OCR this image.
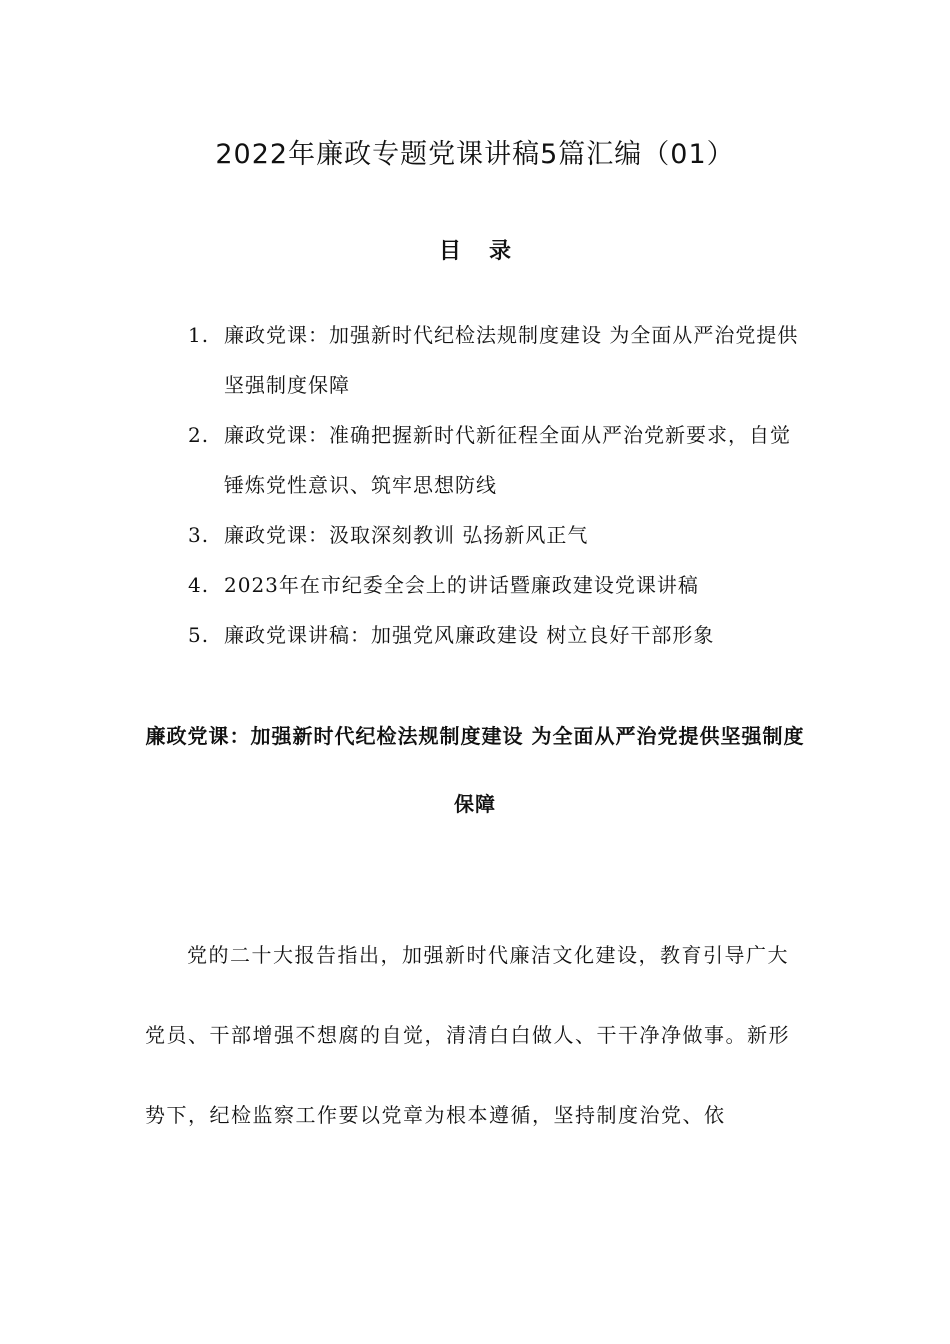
2022年廉政专题党课讲稿5篇汇编（01）
目录
1. 廉政党课：加强新时代纪检法规制度建设 为全面从严治党提供坚强制度保障
2. 廉政党课：准确把握新时代新征程全面从严治党新要求，自觉锤炼党性意识、筑牢思想防线
3. 廉政党课：汲取深刻教训 弘扬新风正气
4. 2023年在市纪委全会上的讲话暨廉政建设党课讲稿
5. 廉政党课讲稿：加强党风廉政建设 树立良好干部形象
廉政党课：加强新时代纪检法规制度建设 为全面从严治党提供坚强制度保障

党的二十大报告指出，加强新时代廉洁文化建设，教育引导广大党员、干部增强不想腐的自觉，清清白白做人、干干净净做事。新形势下，纪检监察工作要以党章为根本遵循，坚持制度治党、依
